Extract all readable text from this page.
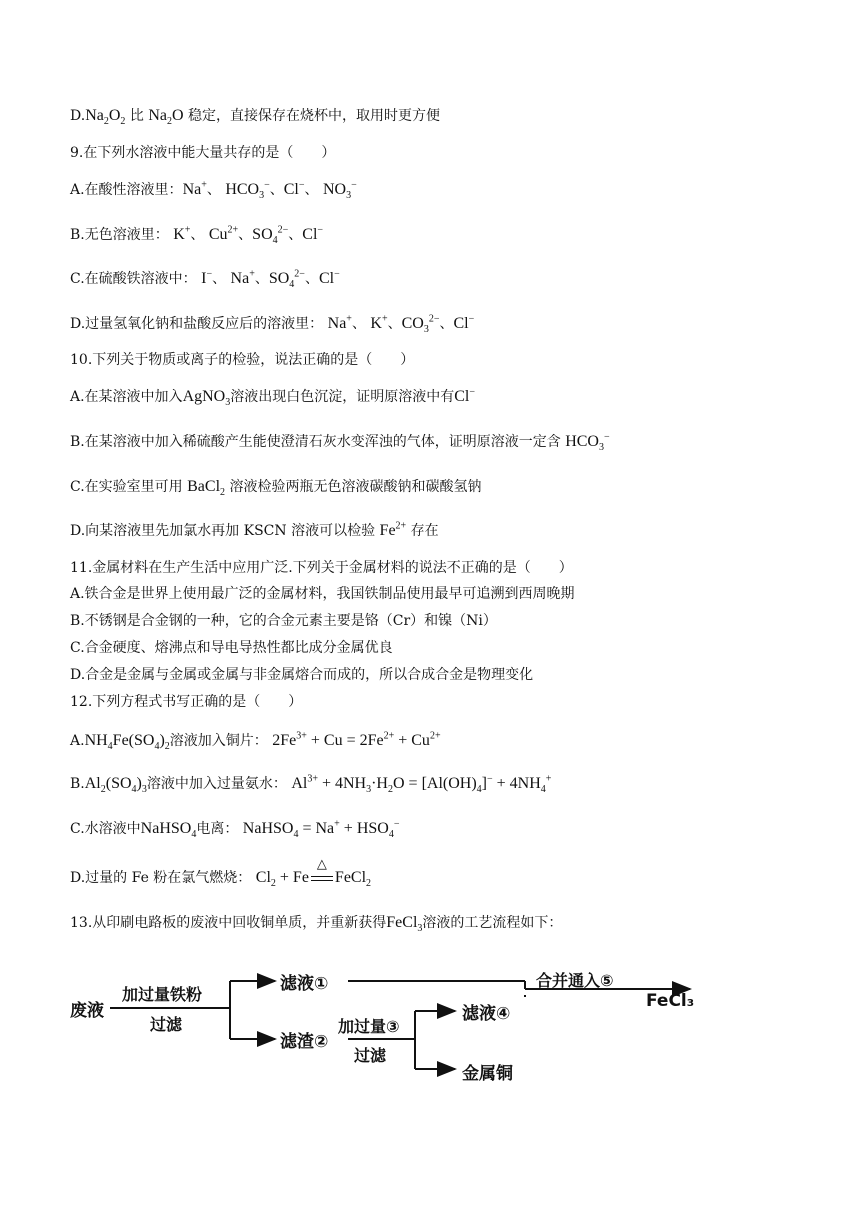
$D.Na_2O_2$ 比 $Na_2O$ 稳定，直接保存在烧杯中，取用时更方便
9.在下列水溶液中能大量共存的是（　　）
A.在酸性溶液里：Na+、 $HCO_3^-$、Cl−、 $NO_3^-$
B.无色溶液里： K+、 $Cu^{2+}$、$SO_4^{2-}$、Cl−
C.在硫酸铁溶液中： I−、 Na+、$SO_4^{2-}$、Cl−
D.过量氢氧化钠和盐酸反应后的溶液里： Na+、 K+、$CO_3^{2-}$、Cl−
10.下列关于物质或离子的检验，说法正确的是（　　）
A.在某溶液中加入AgNO$_3$溶液出现白色沉淀，证明原溶液中有Cl−
B.在某溶液中加入稀硫酸产生能使澄清石灰水变浑浊的气体，证明原溶液一定含 $HCO_3^-$
C.在实验室里可用 BaCl$_2$ 溶液检验两瓶无色溶液碳酸钠和碳酸氢钠
D.向某溶液里先加氯水再加 KSCN 溶液可以检验 $Fe^{2+}$ 存在
11.金属材料在生产生活中应用广泛.下列关于金属材料的说法不正确的是（　　）
A.铁合金是世界上使用最广泛的金属材料，我国铁制品使用最早可追溯到西周晚期
B.不锈钢是合金钢的一种，它的合金元素主要是铬（Cr）和镍（Ni）
C.合金硬度、熔沸点和导电导热性都比成分金属优良
D.合金是金属与金属或金属与非金属熔合而成的，所以合成合金是物理变化
12.下列方程式书写正确的是（　　）
$A.NH_4Fe(SO_4)_2$溶液加入铜片： $2Fe^{3+} + Cu = 2Fe^{2+} + Cu^{2+}$
$B.Al_2(SO_4)_3$溶液中加入过量氨水： $Al^{3+} + 4NH_3\cdot H_2O = [Al(OH)_4]^- + 4NH_4^+$
C.水溶液中NaHSO$_4$电离： NaHSO$_4$ = $Na^+ + HSO_4^-$
D.过量的 Fe 粉在氯气燃烧： $Cl_2 + Fe$
△
FeCl$_2$
13.从印刷电路板的废液中回收铜单质，并重新获得FeCl$_3$溶液的工艺流程如下：
废液
加过量铁粉
过滤
滤液①
滤渣②
加过量③
过滤
滤液④
金属铜
合并通入⑤
FeCl₃
